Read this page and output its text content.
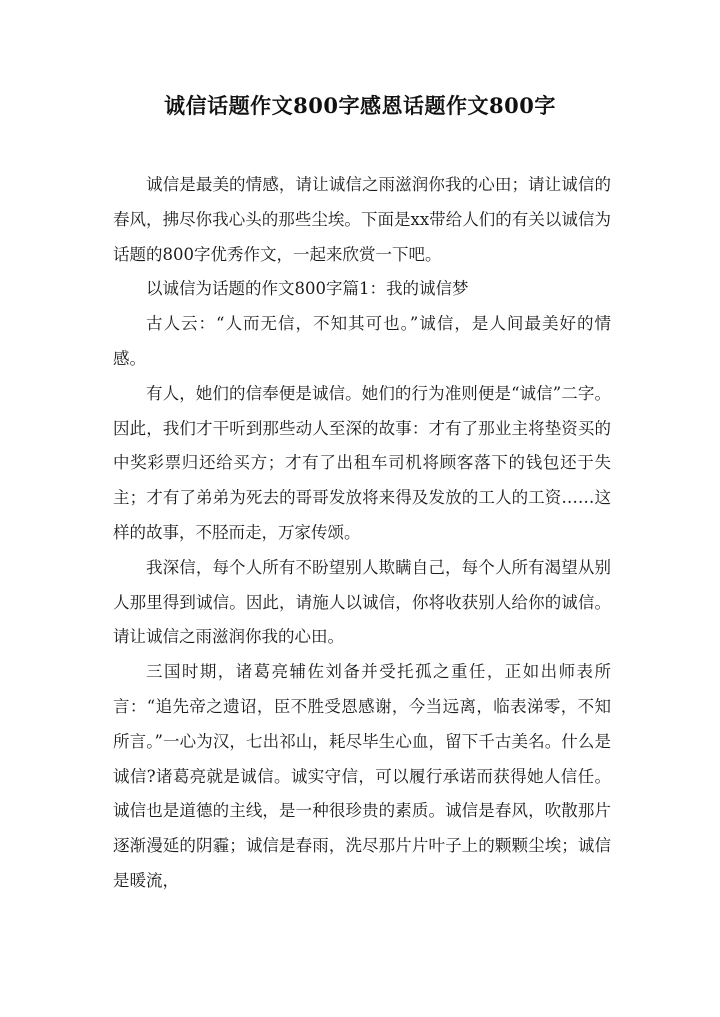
诚信话题作文800字感恩话题作文800字

诚信是最美的情感，请让诚信之雨滋润你我的心田；请让诚信的春风，拂尽你我心头的那些尘埃。下面是xx带给人们的有关以诚信为话题的800字优秀作文，一起来欣赏一下吧。

以诚信为话题的作文800字篇1：我的诚信梦

古人云：“人而无信，不知其可也。”诚信，是人间最美好的情感。

有人，她们的信奉便是诚信。她们的行为准则便是“诚信”二字。因此，我们才干听到那些动人至深的故事：才有了那业主将垫资买的中奖彩票归还给买方；才有了出租车司机将顾客落下的钱包还于失主；才有了弟弟为死去的哥哥发放将来得及发放的工人的工资……这样的故事，不胫而走，万家传颂。

我深信，每个人所有不盼望别人欺瞒自己，每个人所有渴望从别人那里得到诚信。因此，请施人以诚信，你将收获别人给你的诚信。请让诚信之雨滋润你我的心田。

三国时期，诸葛亮辅佐刘备并受托孤之重任，正如出师表所言：“追先帝之遗诏，臣不胜受恩感谢，今当远离，临表涕零，不知所言。”一心为汉，七出祁山，耗尽毕生心血，留下千古美名。什么是诚信?诸葛亮就是诚信。诚实守信，可以履行承诺而获得她人信任。诚信也是道德的主线，是一种很珍贵的素质。诚信是春风，吹散那片逐渐漫延的阴霾；诚信是春雨，洗尽那片片叶子上的颗颗尘埃；诚信是暖流，
